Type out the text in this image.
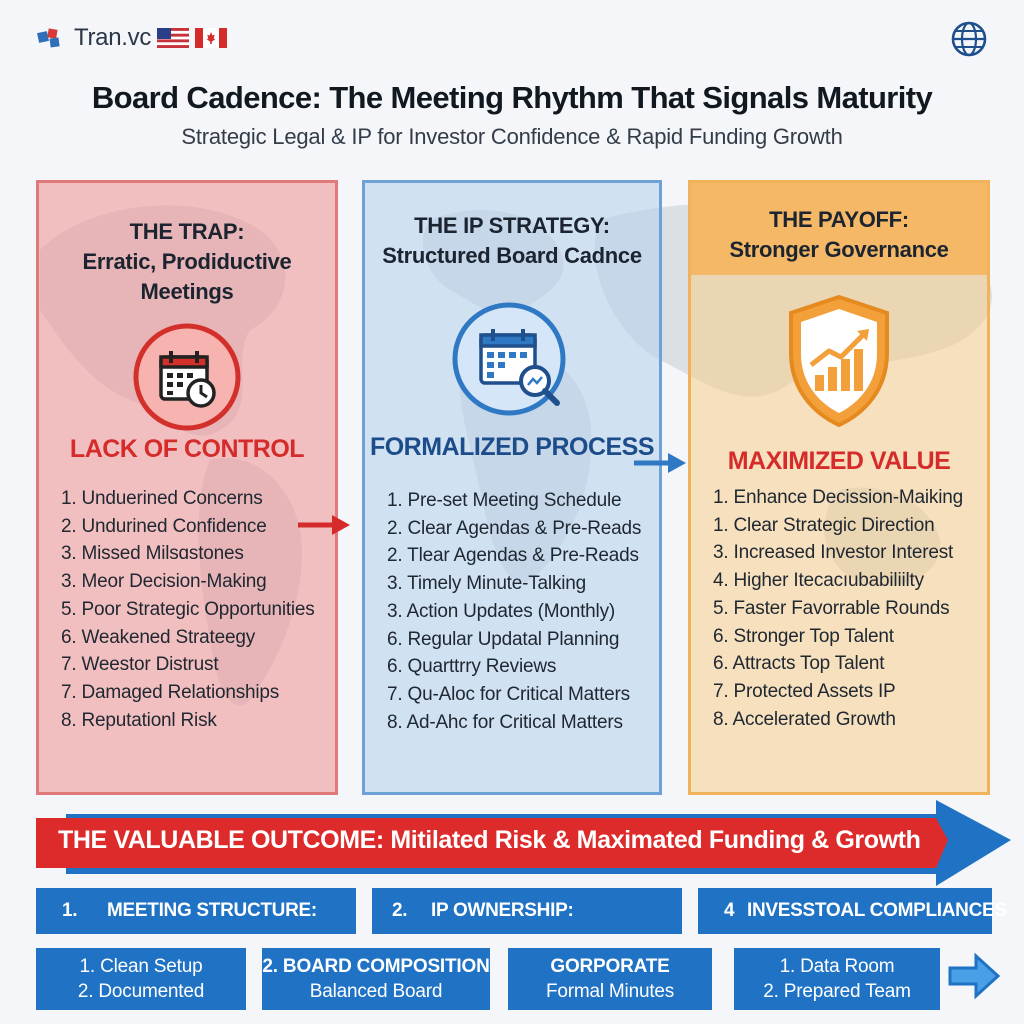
Tran.vc
Board Cadence: The Meeting Rhythm That Signals Maturity
Strategic Legal & IP for Investor Confidence & Rapid Funding Growth
THE TRAP:
Erratic, Prodiductive
Meetings
LACK OF CONTROL
1. Unduerined Concerns
2. Undurined Confidence
3. Missed Milsɑstones
3. Meor Decision-Making
5. Poor Strategic Opportunities
6. Weakened Strateegy
7. Weestor Distrust
7. Damaged Relationships
8. Reputationl Risk
THE IP STRATEGY:
Structured Board Cadnce
FORMALIZED PROCESS
1. Pre-set Meeting Schedule
2. Clear Agendas & Pre-Reads
2. Tlear Agendas & Pre-Reads
3. Timely Minute-Talking
3. Action Updates (Monthly)
6. Regular Updatal Planning
6. Quarttrry Reviews
7. Qu-Aloc for Critical Matters
8. Ad-Ahc for Critical Matters
THE PAYOFF:
Stronger Governance
MAXIMIZED VALUE
1. Enhance Decission-Maiking
1. Clear Strategic Direction
3. Increased Investor Interest
4. Higher Itecacıubabiliilty
5. Faster Favorrable Rounds
6. Stronger Top Talent
6. Attracts Top Talent
7. Protected Assets IP
8. Accelerated Growth
THE VALUABLE OUTCOME: Mitilated Risk & Maximated Funding & Growth
1. MEETING STRUCTURE:	2. IP OWNERSHIP:	4 INVESSTOAL COMPLIANCES
1. Clean Setup
2. Documented
2. BOARD COMPOSITION
Balanced Board
GORPORATE
Formal Minutes
1. Data Room
2. Prepared Team
